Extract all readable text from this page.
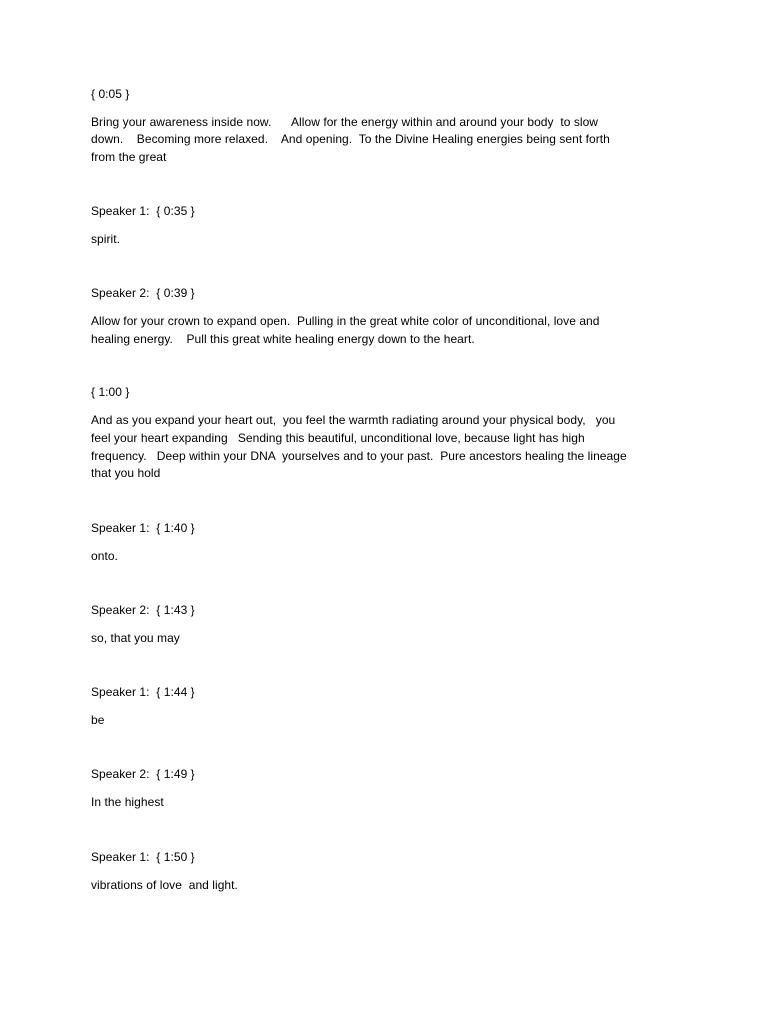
{ 0:05 }
Bring your awareness inside now.      Allow for the energy within and around your body  to slow
down.    Becoming more relaxed.    And opening.  To the Divine Healing energies being sent forth
from the great
Speaker 1:  { 0:35 }
spirit.
Speaker 2:  { 0:39 }
Allow for your crown to expand open.  Pulling in the great white color of unconditional, love and
healing energy.    Pull this great white healing energy down to the heart.
{ 1:00 }
And as you expand your heart out,  you feel the warmth radiating around your physical body,   you
feel your heart expanding   Sending this beautiful, unconditional love, because light has high
frequency.   Deep within your DNA  yourselves and to your past.  Pure ancestors healing the lineage
that you hold
Speaker 1:  { 1:40 }
onto.
Speaker 2:  { 1:43 }
so, that you may
Speaker 1:  { 1:44 }
be
Speaker 2:  { 1:49 }
In the highest
Speaker 1:  { 1:50 }
vibrations of love  and light.
